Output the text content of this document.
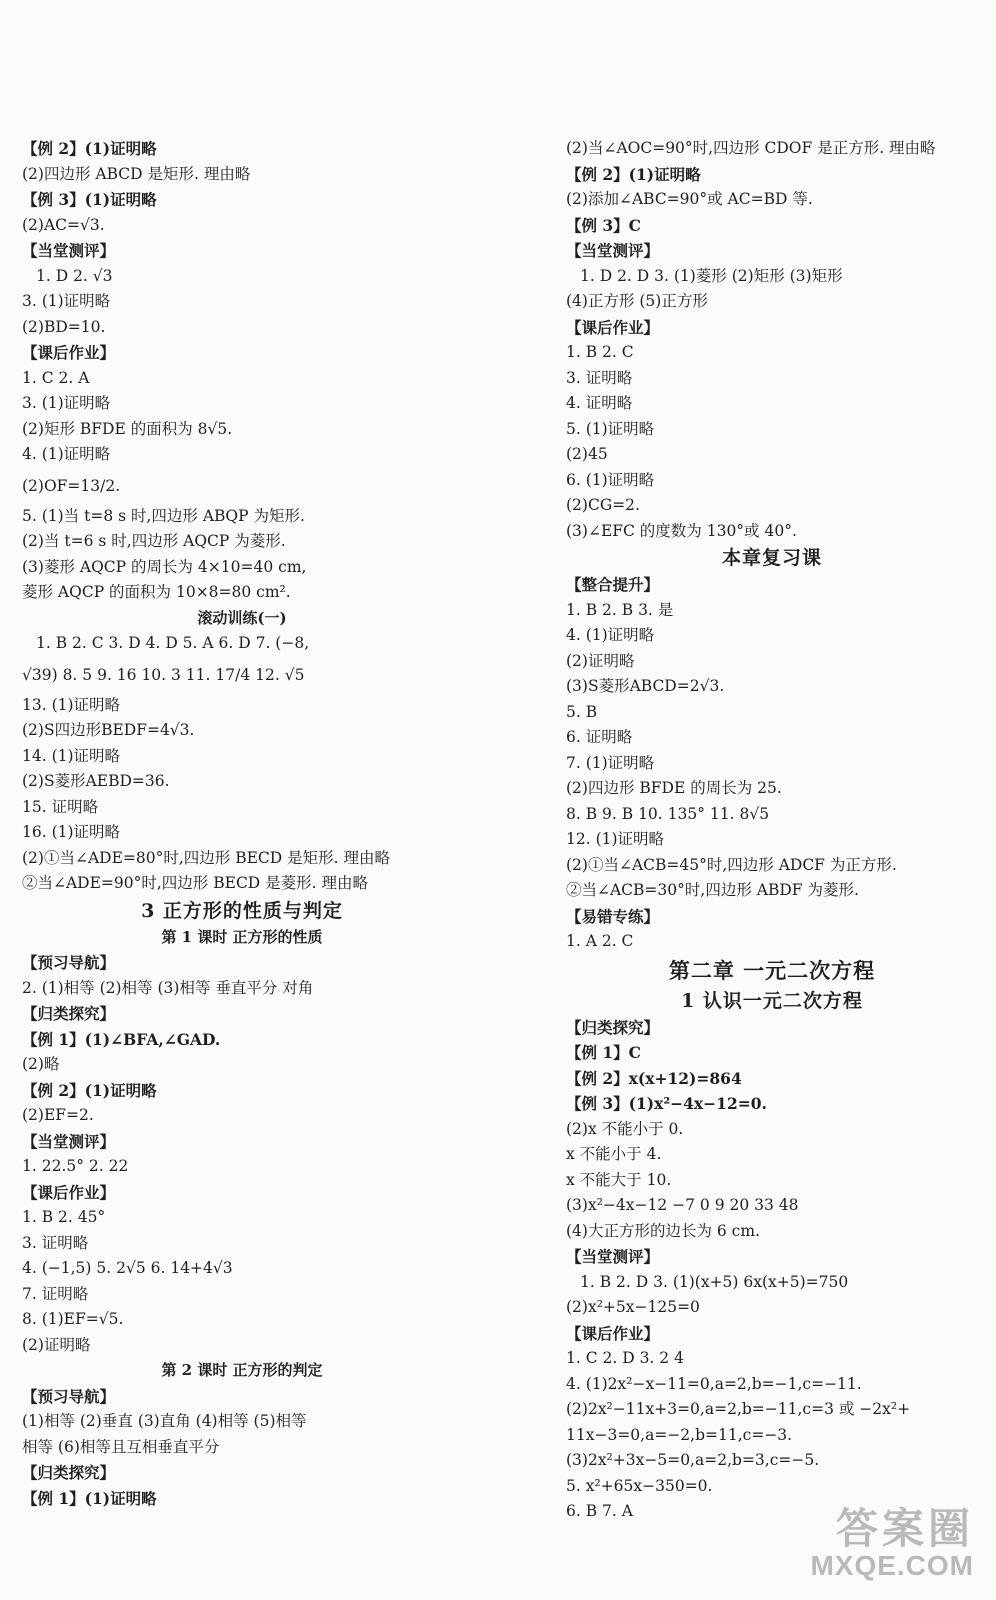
【例 2】(1)证明略
(2)四边形 ABCD 是矩形. 理由略
【例 3】(1)证明略
(2)AC=√3.
【当堂测评】
1. D 2. √3
3. (1)证明略
(2)BD=10.
【课后作业】
1. C 2. A
3. (1)证明略
(2)矩形 BFDE 的面积为 8√5.
4. (1)证明略
(2)OF=13/2.
5. (1)当 t=8 s 时,四边形 ABQP 为矩形.
(2)当 t=6 s 时,四边形 AQCP 为菱形.
(3)菱形 AQCP 的周长为 4×10=40 cm,
菱形 AQCP 的面积为 10×8=80 cm².
滚动训练(一)
1. B 2. C 3. D 4. D 5. A 6. D 7. (−8,
√39) 8. 5 9. 16 10. 3 11. 17/4 12. √5
13. (1)证明略
(2)S四边形BEDF=4√3.
14. (1)证明略
(2)S菱形AEBD=36.
15. 证明略
16. (1)证明略
(2)①当∠ADE=80°时,四边形 BECD 是矩形. 理由略
②当∠ADE=90°时,四边形 BECD 是菱形. 理由略
3 正方形的性质与判定
第 1 课时 正方形的性质
【预习导航】
2. (1)相等 (2)相等 (3)相等 垂直平分 对角
【归类探究】
【例 1】(1)∠BFA,∠GAD.
(2)略
【例 2】(1)证明略
(2)EF=2.
【当堂测评】
1. 22.5° 2. 22
【课后作业】
1. B 2. 45°
3. 证明略
4. (−1,5) 5. 2√5 6. 14+4√3
7. 证明略
8. (1)EF=√5.
(2)证明略
第 2 课时 正方形的判定
【预习导航】
(1)相等 (2)垂直 (3)直角 (4)相等 (5)相等
相等 (6)相等且互相垂直平分
【归类探究】
【例 1】(1)证明略
(2)当∠AOC=90°时,四边形 CDOF 是正方形. 理由略
【例 2】(1)证明略
(2)添加∠ABC=90°或 AC=BD 等.
【例 3】C
【当堂测评】
1. D 2. D 3. (1)菱形 (2)矩形 (3)矩形
(4)正方形 (5)正方形
【课后作业】
1. B 2. C
3. 证明略
4. 证明略
5. (1)证明略
(2)45
6. (1)证明略
(2)CG=2.
(3)∠EFC 的度数为 130°或 40°.
本章复习课
【整合提升】
1. B 2. B 3. 是
4. (1)证明略
(2)证明略
(3)S菱形ABCD=2√3.
5. B
6. 证明略
7. (1)证明略
(2)四边形 BFDE 的周长为 25.
8. B 9. B 10. 135° 11. 8√5
12. (1)证明略
(2)①当∠ACB=45°时,四边形 ADCF 为正方形.
②当∠ACB=30°时,四边形 ABDF 为菱形.
【易错专练】
1. A 2. C
第二章 一元二次方程
1 认识一元二次方程
【归类探究】
【例 1】C
【例 2】x(x+12)=864
【例 3】(1)x²−4x−12=0.
(2)x 不能小于 0.
x 不能小于 4.
x 不能大于 10.
(3)x²−4x−12 −7 0 9 20 33 48
(4)大正方形的边长为 6 cm.
【当堂测评】
1. B 2. D 3. (1)(x+5) 6x(x+5)=750
(2)x²+5x−125=0
【课后作业】
1. C 2. D 3. 2 4
4. (1)2x²−x−11=0,a=2,b=−1,c=−11.
(2)2x²−11x+3=0,a=2,b=−11,c=3 或 −2x²+
11x−3=0,a=−2,b=11,c=−3.
(3)2x²+3x−5=0,a=2,b=3,c=−5.
5. x²+65x−350=0.
6. B 7. A	答案圈
MXQE.COM
